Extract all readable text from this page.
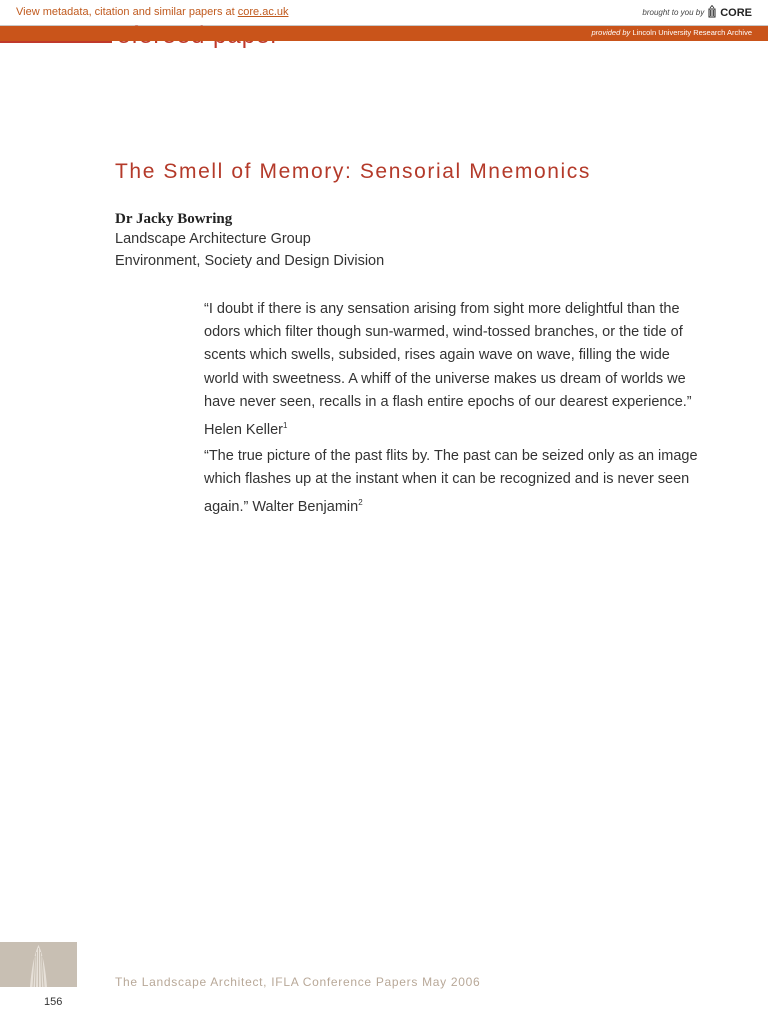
View metadata, citation and similar papers at core.ac.uk	brought to you by CORE
provided by Lincoln University Research Archive
The Smell of Memory: Sensorial Mnemonics
Dr Jacky Bowring
Landscape Architecture Group
Environment, Society and Design Division

“I doubt if there is any sensation arising from sight more delightful than the odors which filter though sun-warmed, wind-tossed branches, or the tide of scents which swells, subsided, rises again wave on wave, filling the wide world with sweetness. A whiff of the universe makes us dream of worlds we have never seen, recalls in a flash entire epochs of our dearest experience.”
Helen Keller$^1$

“The true picture of the past flits by. The past can be seized only as an image which flashes up at the instant when it can be recognized and is never seen again.” Walter Benjamin$^2$

156
The Landscape Architect, IFLA Conference Papers May 2006
